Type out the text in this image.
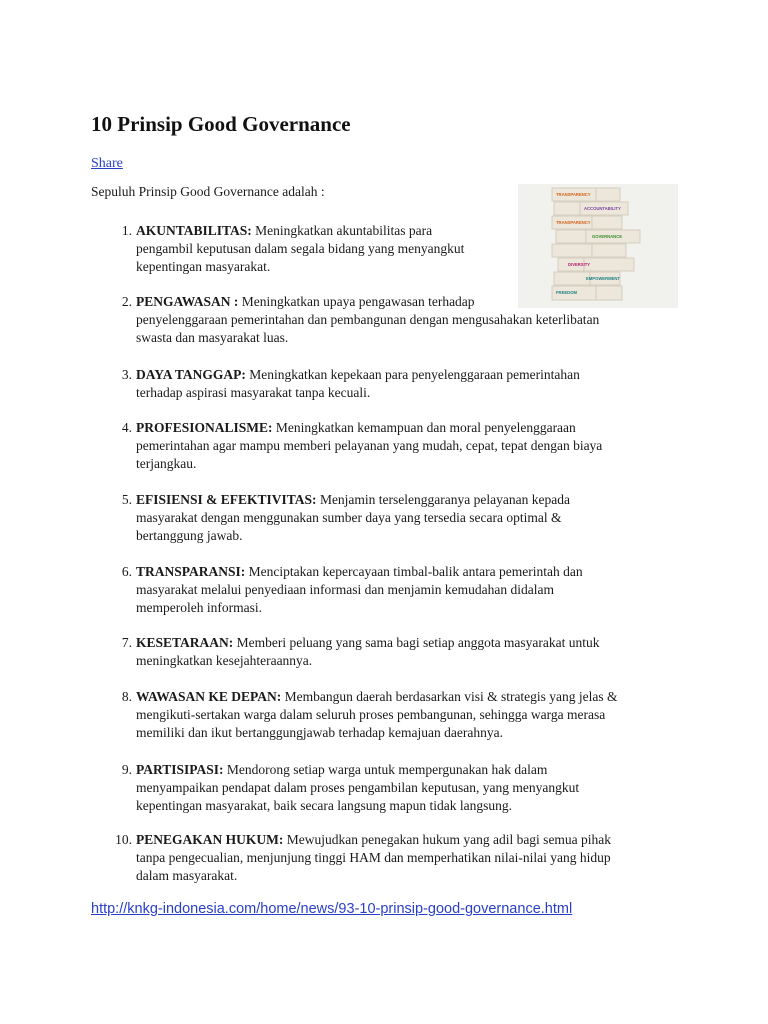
10 Prinsip Good Governance
Share

Sepuluh Prinsip Good Governance adalah :	TRANSPARENCY
ACCOUNTABILITY
TRANSPARENCY
GOVERNANCE
DIVERSITY
EMPOWERMENT
FREEDOM
1. AKUNTABILITAS: Meningkatkan akuntabilitas para
pengambil keputusan dalam segala bidang yang menyangkut
kepentingan masyarakat.
2. PENGAWASAN : Meningkatkan upaya pengawasan terhadap
penyelenggaraan pemerintahan dan pembangunan dengan mengusahakan keterlibatan
swasta dan masyarakat luas.
3. DAYA TANGGAP: Meningkatkan kepekaan para penyelenggaraan pemerintahan
terhadap aspirasi masyarakat tanpa kecuali.
4. PROFESIONALISME: Meningkatkan kemampuan dan moral penyelenggaraan
pemerintahan agar mampu memberi pelayanan yang mudah, cepat, tepat dengan biaya
terjangkau.
5. EFISIENSI & EFEKTIVITAS: Menjamin terselenggaranya pelayanan kepada
masyarakat dengan menggunakan sumber daya yang tersedia secara optimal &
bertanggung jawab.
6. TRANSPARANSI: Menciptakan kepercayaan timbal-balik antara pemerintah dan
masyarakat melalui penyediaan informasi dan menjamin kemudahan didalam
memperoleh informasi.
7. KESETARAAN: Memberi peluang yang sama bagi setiap anggota masyarakat untuk
meningkatkan kesejahteraannya.
8. WAWASAN KE DEPAN: Membangun daerah berdasarkan visi & strategis yang jelas &
mengikuti-sertakan warga dalam seluruh proses pembangunan, sehingga warga merasa
memiliki dan ikut bertanggungjawab terhadap kemajuan daerahnya.
9. PARTISIPASI: Mendorong setiap warga untuk mempergunakan hak dalam
menyampaikan pendapat dalam proses pengambilan keputusan, yang menyangkut
kepentingan masyarakat, baik secara langsung mapun tidak langsung.
10. PENEGAKAN HUKUM: Mewujudkan penegakan hukum yang adil bagi semua pihak
tanpa pengecualian, menjunjung tinggi HAM dan memperhatikan nilai-nilai yang hidup
dalam masyarakat.
http://knkg-indonesia.com/home/news/93-10-prinsip-good-governance.html
